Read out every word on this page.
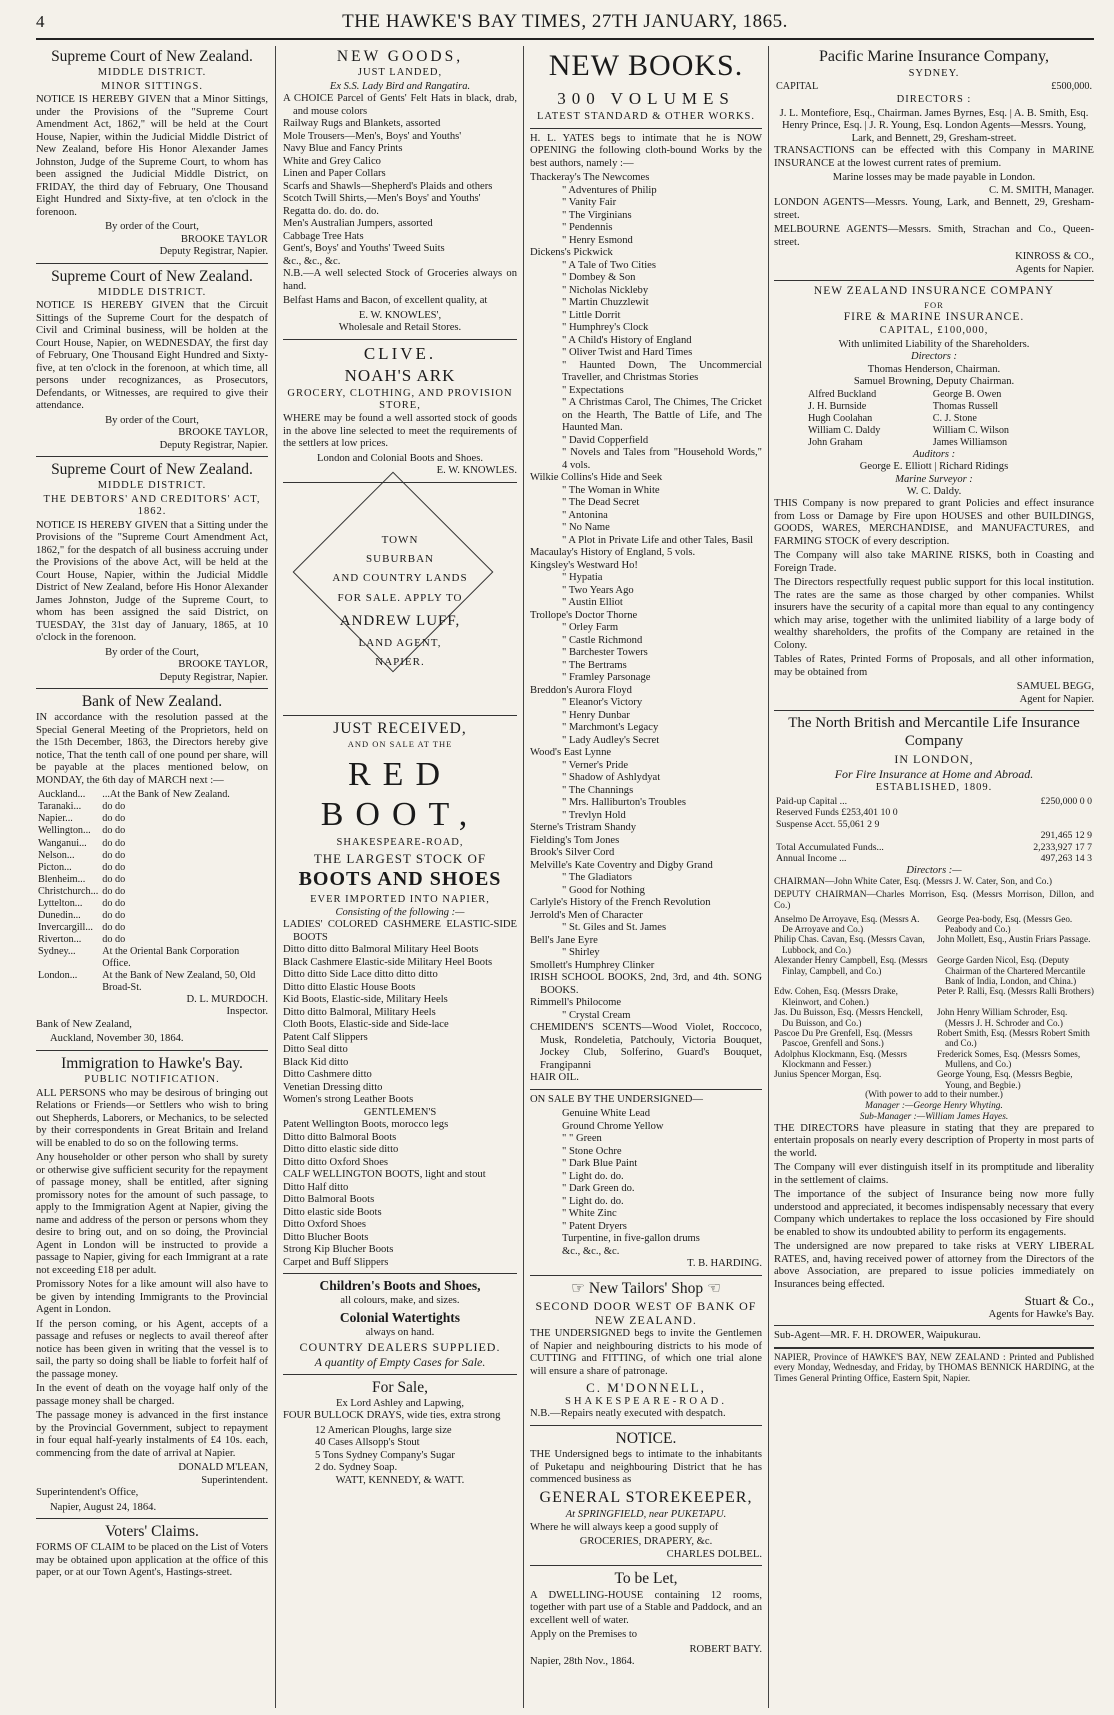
4	THE HAWKE'S BAY TIMES, 27TH JANUARY, 1865.
Supreme Court of New Zealand.
MIDDLE DISTRICT.
MINOR SITTINGS.

NOTICE IS HEREBY GIVEN that a Minor Sittings, under the Provisions of the "Supreme Court Amendment Act, 1862," will be held at the Court House, Napier, within the Judicial Middle District of New Zealand, before His Honor Alexander James Johnston, Judge of the Supreme Court, to whom has been assigned the Judicial Middle District, on FRIDAY, the third day of February, One Thousand Eight Hundred and Sixty-five, at ten o'clock in the forenoon.

By order of the Court,

BROOKE TAYLOR

Deputy Registrar, Napier.

Supreme Court of New Zealand.
MIDDLE DISTRICT.

NOTICE IS HEREBY GIVEN that the Circuit Sittings of the Supreme Court for the despatch of Civil and Criminal business, will be holden at the Court House, Napier, on WEDNESDAY, the first day of February, One Thousand Eight Hundred and Sixty-five, at ten o'clock in the forenoon, at which time, all persons under recognizances, as Prosecutors, Defendants, or Witnesses, are required to give their attendance.

By order of the Court,

BROOKE TAYLOR,

Deputy Registrar, Napier.

Supreme Court of New Zealand.
MIDDLE DISTRICT.
THE DEBTORS' AND CREDITORS' ACT, 1862.

NOTICE IS HEREBY GIVEN that a Sitting under the Provisions of the "Supreme Court Amendment Act, 1862," for the despatch of all business accruing under the Provisions of the above Act, will be held at the Court House, Napier, within the Judicial Middle District of New Zealand, before His Honor Alexander James Johnston, Judge of the Supreme Court, to whom has been assigned the said District, on TUESDAY, the 31st day of January, 1865, at 10 o'clock in the forenoon.

By order of the Court,

BROOKE TAYLOR,

Deputy Registrar, Napier.

Bank of New Zealand.

IN accordance with the resolution passed at the Special General Meeting of the Proprietors, held on the 15th December, 1863, the Directors hereby give notice, That the tenth call of one pound per share, will be payable at the places mentioned below, on MONDAY, the 6th day of MARCH next :—

Auckland...	...At the Bank of New Zealand.
Taranaki...	do do
Napier...	do do
Wellington...	do do
Wanganui...	do do
Nelson...	do do
Picton...	do do
Blenheim...	do do
Christchurch...	do do
Lyttelton...	do do
Dunedin...	do do
Invercargill...	do do
Riverton...	do do
Sydney...	At the Oriental Bank Corporation Office.
London...	At the Bank of New Zealand, 50, Old Broad-St.

D. L. MURDOCH.

Inspector.

Bank of New Zealand,

Auckland, November 30, 1864.

Immigration to Hawke's Bay.
PUBLIC NOTIFICATION.

ALL PERSONS who may be desirous of bringing out Relations or Friends—or Settlers who wish to bring out Shepherds, Laborers, or Mechanics, to be selected by their correspondents in Great Britain and Ireland will be enabled to do so on the following terms.

Any householder or other person who shall by surety or otherwise give sufficient security for the repayment of passage money, shall be entitled, after signing promissory notes for the amount of such passage, to apply to the Immigration Agent at Napier, giving the name and address of the person or persons whom they desire to bring out, and on so doing, the Provincial Agent in London will be instructed to provide a passage to Napier, giving for each Immigrant at a rate not exceeding £18 per adult.

Promissory Notes for a like amount will also have to be given by intending Immigrants to the Provincial Agent in London.

If the person coming, or his Agent, accepts of a passage and refuses or neglects to avail thereof after notice has been given in writing that the vessel is to sail, the party so doing shall be liable to forfeit half of the passage money.

In the event of death on the voyage half only of the passage money shall be charged.

The passage money is advanced in the first instance by the Provincial Government, subject to repayment in four equal half-yearly instalments of £4 10s. each, commencing from the date of arrival at Napier.

DONALD M'LEAN,

Superintendent.

Superintendent's Office,

Napier, August 24, 1864.

Voters' Claims.

FORMS OF CLAIM to be placed on the List of Voters may be obtained upon application at the office of this paper, or at our Town Agent's, Hastings-street.

NEW GOODS,
JUST LANDED,
Ex S.S. Lady Bird and Rangatira.

A CHOICE Parcel of Gents' Felt Hats in black, drab, and mouse colors

Railway Rugs and Blankets, assorted

Mole Trousers—Men's, Boys' and Youths'

Navy Blue and Fancy Prints

White and Grey Calico

Linen and Paper Collars

Scarfs and Shawls—Shepherd's Plaids and others

Scotch Twill Shirts,—Men's Boys' and Youths'

Regatta do. do. do. do.

Men's Australian Jumpers, assorted

Cabbage Tree Hats

Gent's, Boys' and Youths' Tweed Suits

&c., &c., &c.

N.B.—A well selected Stock of Groceries always on hand.

Belfast Hams and Bacon, of excellent quality, at

E. W. KNOWLES',

Wholesale and Retail Stores.

CLIVE.
NOAH'S ARK
GROCERY, CLOTHING, AND PROVISION STORE,

WHERE may be found a well assorted stock of goods in the above line selected to meet the requirements of the settlers at low prices.

London and Colonial Boots and Shoes.

E. W. KNOWLES.

TOWN
SUBURBAN
AND COUNTRY LANDS
FOR SALE. APPLY TO
ANDREW LUFF,
LAND AGENT,
NAPIER.
JUST RECEIVED,
AND ON SALE AT THE
RED BOOT,
SHAKESPEARE-ROAD,
THE LARGEST STOCK OF
BOOTS AND SHOES
EVER IMPORTED INTO NAPIER,
Consisting of the following :—

LADIES' COLORED CASHMERE ELASTIC-SIDE BOOTS

Ditto ditto ditto Balmoral Military Heel Boots

Black Cashmere Elastic-side Military Heel Boots

Ditto ditto Side Lace ditto ditto ditto

Ditto ditto Elastic House Boots

Kid Boots, Elastic-side, Military Heels

Ditto ditto Balmoral, Military Heels

Cloth Boots, Elastic-side and Side-lace

Patent Calf Slippers

Ditto Seal ditto

Black Kid ditto

Ditto Cashmere ditto

Venetian Dressing ditto

Women's strong Leather Boots

GENTLEMEN'S

Patent Wellington Boots, morocco legs

Ditto ditto Balmoral Boots

Ditto ditto elastic side ditto

Ditto ditto Oxford Shoes

CALF WELLINGTON BOOTS, light and stout

Ditto Half ditto

Ditto Balmoral Boots

Ditto elastic side Boots

Ditto Oxford Shoes

Ditto Blucher Boots

Strong Kip Blucher Boots

Carpet and Buff Slippers

Children's Boots and Shoes,
all colours, make, and sizes.
Colonial Watertights
always on hand.
COUNTRY DEALERS SUPPLIED.
A quantity of Empty Cases for Sale.
For Sale,
Ex Lord Ashley and Lapwing,

FOUR BULLOCK DRAYS, wide ties, extra strong

12 American Ploughs, large size

40 Cases Allsopp's Stout

5 Tons Sydney Company's Sugar

2 do. Sydney Soap.

WATT, KENNEDY, & WATT.

NEW BOOKS.
300 VOLUMES
LATEST STANDARD & OTHER WORKS.

H. L. YATES begs to intimate that he is NOW OPENING the following cloth-bound Works by the best authors, namely :—

Thackeray's The Newcomes

" Adventures of Philip

" Vanity Fair

" The Virginians

" Pendennis

" Henry Esmond

Dickens's Pickwick

" A Tale of Two Cities

" Dombey & Son

" Nicholas Nickleby

" Martin Chuzzlewit

" Little Dorrit

" Humphrey's Clock

" A Child's History of England

" Oliver Twist and Hard Times

" Haunted Down, The Uncommercial Traveller, and Christmas Stories

" Expectations

" A Christmas Carol, The Chimes, The Cricket on the Hearth, The Battle of Life, and The Haunted Man.

" David Copperfield

" Novels and Tales from "Household Words," 4 vols.

Wilkie Collins's Hide and Seek

" The Woman in White

" The Dead Secret

" Antonina

" No Name

" A Plot in Private Life and other Tales, Basil

Macaulay's History of England, 5 vols.

Kingsley's Westward Ho!

" Hypatia

" Two Years Ago

" Austin Elliot

Trollope's Doctor Thorne

" Orley Farm

" Castle Richmond

" Barchester Towers

" The Bertrams

" Framley Parsonage

Breddon's Aurora Floyd

" Eleanor's Victory

" Henry Dunbar

" Marchmont's Legacy

" Lady Audley's Secret

Wood's East Lynne

" Verner's Pride

" Shadow of Ashlydyat

" The Channings

" Mrs. Halliburton's Troubles

" Trevlyn Hold

Sterne's Tristram Shandy

Fielding's Tom Jones

Brook's Silver Cord

Melville's Kate Coventry and Digby Grand

" The Gladiators

" Good for Nothing

Carlyle's History of the French Revolution

Jerrold's Men of Character

" St. Giles and St. James

Bell's Jane Eyre

" Shirley

Smollett's Humphrey Clinker

IRISH SCHOOL BOOKS, 2nd, 3rd, and 4th. SONG BOOKS.

Rimmell's Philocome

" Crystal Cream

CHEMIDEN'S SCENTS—Wood Violet, Roccoco, Musk, Rondeletia, Patchouly, Victoria Bouquet, Jockey Club, Solferino, Guard's Bouquet, Frangipanni

HAIR OIL.

ON SALE BY THE UNDERSIGNED—

Genuine White Lead

Ground Chrome Yellow

" " Green

" Stone Ochre

" Dark Blue Paint

" Light do. do.

" Dark Green do.

" Light do. do.

" White Zinc

" Patent Dryers

Turpentine, in five-gallon drums

&c., &c., &c.

T. B. HARDING.

☞ New Tailors' Shop ☜
SECOND DOOR WEST OF BANK OF NEW ZEALAND.

THE UNDERSIGNED begs to invite the Gentlemen of Napier and neighbouring districts to his mode of CUTTING and FITTING, of which one trial alone will ensure a share of patronage.

C. M'DONNELL,

SHAKESPEARE-ROAD.

N.B.—Repairs neatly executed with despatch.

NOTICE.

THE Undersigned begs to intimate to the inhabitants of Puketapu and neighbouring District that he has commenced business as

GENERAL STOREKEEPER,
At SPRINGFIELD, near PUKETAPU.

Where he will always keep a good supply of

GROCERIES, DRAPERY, &c.

CHARLES DOLBEL.

To be Let,

A DWELLING-HOUSE containing 12 rooms, together with part use of a Stable and Paddock, and an excellent well of water.

Apply on the Premises to

ROBERT BATY.

Napier, 28th Nov., 1864.

Pacific Marine Insurance Company,
SYDNEY.
CAPITAL	£500,000.
DIRECTORS :

J. L. Montefiore, Esq., Chairman. James Byrnes, Esq. | A. B. Smith, Esq. Henry Prince, Esq. | J. R. Young, Esq. London Agents—Messrs. Young, Lark, and Bennett, 29, Gresham-street.

TRANSACTIONS can be effected with this Company in MARINE INSURANCE at the lowest current rates of premium.

Marine losses may be made payable in London.

C. M. SMITH, Manager.

LONDON AGENTS—Messrs. Young, Lark, and Bennett, 29, Gresham-street.

MELBOURNE AGENTS—Messrs. Smith, Strachan and Co., Queen-street.

KINROSS & CO.,

Agents for Napier.

NEW ZEALAND INSURANCE COMPANY
FOR
FIRE & MARINE INSURANCE.
CAPITAL, £100,000,
With unlimited Liability of the Shareholders.
Directors :
Thomas Henderson, Chairman.
Samuel Browning, Deputy Chairman.
Alfred Buckland	George B. Owen
J. H. Burnside	Thomas Russell
Hugh Coolahan	C. J. Stone
William C. Daldy	William C. Wilson
John Graham	James Williamson
Auditors :
George E. Elliott | Richard Ridings
Marine Surveyor :
W. C. Daldy.

THIS Company is now prepared to grant Policies and effect insurance from Loss or Damage by Fire upon HOUSES and other BUILDINGS, GOODS, WARES, MERCHANDISE, and MANUFACTURES, and FARMING STOCK of every description.

The Company will also take MARINE RISKS, both in Coasting and Foreign Trade.

The Directors respectfully request public support for this local institution. The rates are the same as those charged by other companies. Whilst insurers have the security of a capital more than equal to any contingency which may arise, together with the unlimited liability of a large body of wealthy shareholders, the profits of the Company are retained in the Colony.

Tables of Rates, Printed Forms of Proposals, and all other information, may be obtained from

SAMUEL BEGG,

Agent for Napier.

The North British and Mercantile Life Insurance Company
IN LONDON,
For Fire Insurance at Home and Abroad.
ESTABLISHED, 1809.
Paid-up Capital ...	£250,000 0 0
Reserved Funds £253,401 10 0	
Suspense Acct. 55,061 2 9	
	291,465 12 9
Total Accumulated Funds...	2,233,927 17 7
Annual Income ...	497,263 14 3
Directors :—

CHAIRMAN—John White Cater, Esq. (Messrs J. W. Cater, Son, and Co.)

DEPUTY CHAIRMAN—Charles Morrison, Esq. (Messrs Morrison, Dillon, and Co.)

Anselmo De Arroyave, Esq. (Messrs A. De Arroyave and Co.)
George Pea-body, Esq. (Messrs Geo. Peabody and Co.)
Philip Chas. Cavan, Esq. (Messrs Cavan, Lubbock, and Co.)
John Mollett, Esq., Austin Friars Passage.
Alexander Henry Campbell, Esq. (Messrs Finlay, Campbell, and Co.)
George Garden Nicol, Esq. (Deputy Chairman of the Chartered Mercantile Bank of India, London, and China.)
Edw. Cohen, Esq. (Messrs Drake, Kleinwort, and Cohen.)
Peter P. Ralli, Esq. (Messrs Ralli Brothers)
Jas. Du Buisson, Esq. (Messrs Henckell, Du Buisson, and Co.)
John Henry William Schroder, Esq. (Messrs J. H. Schroder and Co.)
Pascoe Du Pre Grenfell, Esq. (Messrs Pascoe, Grenfell and Sons.)
Robert Smith, Esq. (Messrs Robert Smith and Co.)
Adolphus Klockmann, Esq. (Messrs Klockmann and Fesser.)
Frederick Somes, Esq. (Messrs Somes, Mullens, and Co.)
Junius Spencer Morgan, Esq.	George Young, Esq. (Messrs Begbie, Young, and Begbie.)

(With power to add to their number.)

Manager :—George Henry Whyting.

Sub-Manager :—William James Hayes.

THE DIRECTORS have pleasure in stating that they are prepared to entertain proposals on nearly every description of Property in most parts of the world.

The Company will ever distinguish itself in its promptitude and liberality in the settlement of claims.

The importance of the subject of Insurance being now more fully understood and appreciated, it becomes indispensably necessary that every Company which undertakes to replace the loss occasioned by Fire should be enabled to show its undoubted ability to perform its engagements.

The undersigned are now prepared to take risks at VERY LIBERAL RATES, and, having received power of attorney from the Directors of the above Association, are prepared to issue policies immediately on Insurances being effected.

Stuart & Co.,

Agents for Hawke's Bay.

Sub-Agent—MR. F. H. DROWER, Waipukurau.

NAPIER, Province of HAWKE'S BAY, NEW ZEALAND : Printed and Published every Monday, Wednesday, and Friday, by THOMAS BENNICK HARDING, at the Times General Printing Office, Eastern Spit, Napier.
